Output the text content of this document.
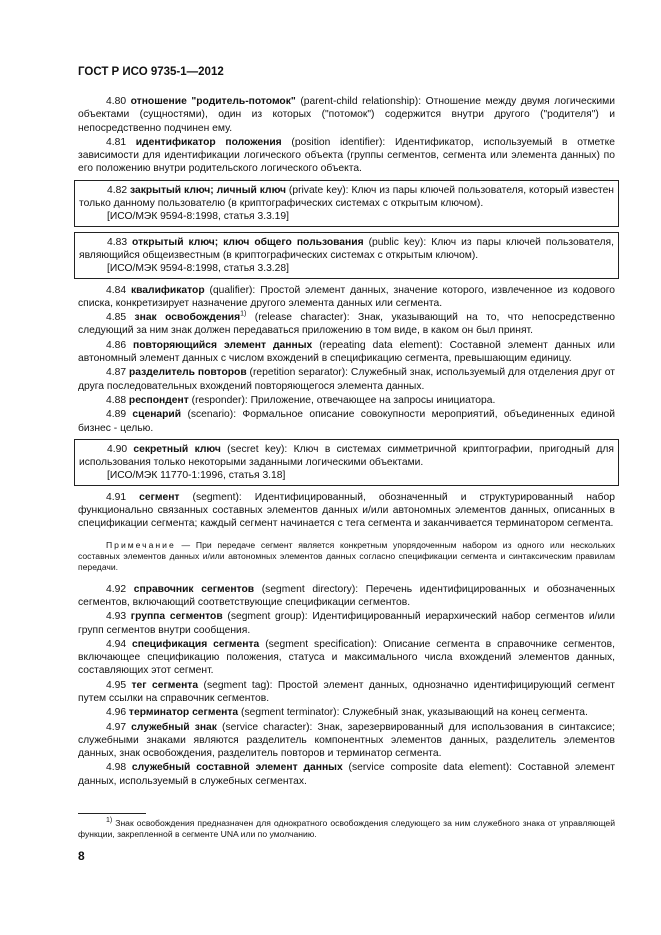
ГОСТ Р ИСО 9735-1—2012

4.80 отношение "родитель-потомок" (parent-child relationship): Отношение между двумя логическими объектами (сущностями), один из которых ("потомок") содержится внутри другого ("родителя") и непосредственно подчинен ему.

4.81 идентификатор положения (position identifier): Идентификатор, используемый в отметке зависимости для идентификации логического объекта (группы сегментов, сегмента или элемента данных) по его положению внутри родительского логического объекта.

4.82 закрытый ключ; личный ключ (private key): Ключ из пары ключей пользователя, который известен только данному пользователю (в криптографических системах с открытым ключом).

[ИСО/МЭК 9594-8:1998, статья 3.3.19]

4.83 открытый ключ; ключ общего пользования (public key): Ключ из пары ключей пользователя, являющийся общеизвестным (в криптографических системах с открытым ключом).

[ИСО/МЭК 9594-8:1998, статья 3.3.28]

4.84 квалификатор (qualifier): Простой элемент данных, значение которого, извлеченное из кодового списка, конкретизирует назначение другого элемента данных или сегмента.

4.85 знак освобождения$^{1)}$ (release character): Знак, указывающий на то, что непосредственно следующий за ним знак должен передаваться приложению в том виде, в каком он был принят.

4.86 повторяющийся элемент данных (repeating data element): Составной элемент данных или автономный элемент данных с числом вхождений в спецификацию сегмента, превышающим единицу.

4.87 разделитель повторов (repetition separator): Служебный знак, используемый для отделения друг от друга последовательных вхождений повторяющегося элемента данных.

4.88 респондент (responder): Приложение, отвечающее на запросы инициатора.

4.89 сценарий (scenario): Формальное описание совокупности мероприятий, объединенных единой бизнес - целью.

4.90 секретный ключ (secret key): Ключ в системах симметричной криптографии, пригодный для использования только некоторыми заданными логическими объектами.

[ИСО/МЭК 11770-1:1996, статья 3.18]

4.91 сегмент (segment): Идентифицированный, обозначенный и структурированный набор функционально связанных составных элементов данных и/или автономных элементов данных, описанных в спецификации сегмента; каждый сегмент начинается с тега сегмента и заканчивается терминатором сегмента.

Примечание — При передаче сегмент является конкретным упорядоченным набором из одного или нескольких составных элементов данных и/или автономных элементов данных согласно спецификации сегмента и синтаксическим правилам передачи.

4.92 справочник сегментов (segment directory): Перечень идентифицированных и обозначенных сегментов, включающий соответствующие спецификации сегментов.

4.93 группа сегментов (segment group): Идентифицированный иерархический набор сегментов и/или групп сегментов внутри сообщения.

4.94 спецификация сегмента (segment specification): Описание сегмента в справочнике сегментов, включающее спецификацию положения, статуса и максимального числа вхождений элементов данных, составляющих этот сегмент.

4.95 тег сегмента (segment tag): Простой элемент данных, однозначно идентифицирующий сегмент путем ссылки на справочник сегментов.

4.96 терминатор сегмента (segment terminator): Служебный знак, указывающий на конец сегмента.

4.97 служебный знак (service character): Знак, зарезервированный для использования в синтаксисе; служебными знаками являются разделитель компонентных элементов данных, разделитель элементов данных, знак освобождения, разделитель повторов и терминатор сегмента.

4.98 служебный составной элемент данных (service composite data element): Составной элемент данных, используемый в служебных сегментах.

$^{1)}$ Знак освобождения предназначен для однократного освобождения следующего за ним служебного знака от управляющей функции, закрепленной в сегменте UNA или по умолчанию.

8
